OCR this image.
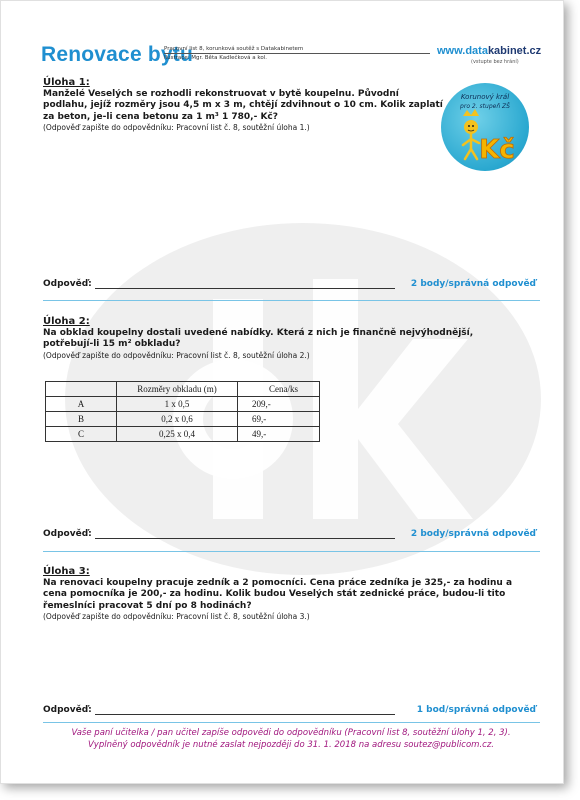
Renovace bytu
Pracovní list 8, korunková soutěž s Datakabinetem
Ilustrace: Mgr. Běta Kadlečková a kol.
www.datakabinet.cz
(vstupte bez hrání)
Korunový král
pro 2. stupeň ZŠ
Kč
Úloha 1:
Manželé Veselých se rozhodli rekonstruovat v bytě koupelnu. Původní podlahu, jejíž rozměry jsou 4,5 m x 3 m, chtějí zdvihnout o 10 cm. Kolik zaplatí za beton, je-li cena betonu za 1 m³ 1 780,- Kč?
(Odpověď zapište do odpovědníku: Pracovní list č. 8, soutěžní úloha 1.)
Odpověď:	2 body/správná odpověď
Úloha 2:
Na obklad koupelny dostali uvedené nabídky. Která z nich je finančně nejvýhodnější, potřebují-li 15 m² obkladu?
(Odpověď zapište do odpovědníku: Pracovní list č. 8, soutěžní úloha 2.)
	Rozměry obkladu (m)	Cena/ks
A	1 x 0,5	209,-
B	0,2 x 0,6	69,-
C	0,25 x 0,4	49,-
Odpověď:	2 body/správná odpověď
Úloha 3:
Na renovaci koupelny pracuje zedník a 2 pomocníci. Cena práce zedníka je 325,- za hodinu a cena pomocníka je 200,- za hodinu. Kolik budou Veselých stát zednické práce, budou-li tito řemeslníci pracovat 5 dní po 8 hodinách?
(Odpověď zapište do odpovědníku: Pracovní list č. 8, soutěžní úloha 3.)
Odpověď:	1 bod/správná odpověď
Vaše paní učitelka / pan učitel zapíše odpovědi do odpovědníku (Pracovní list 8, soutěžní úlohy 1, 2, 3).
Vyplněný odpovědník je nutné zaslat nejpozději do 31. 1. 2018 na adresu soutez@publicom.cz.
